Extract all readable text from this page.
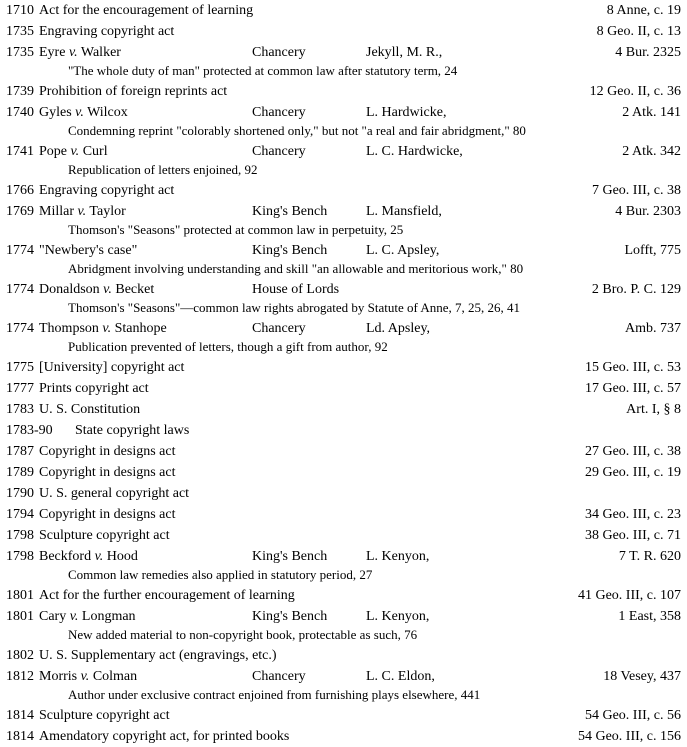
1710 Act for the encouragement of learning	8 Anne, c. 19
1735 Engraving copyright act	8 Geo. II, c. 13
1735 Eyre v. Walker	Chancery	Jekyll, M. R.,	4 Bur. 2325
"The whole duty of man" protected at common law after statutory term, 24
1739 Prohibition of foreign reprints act	12 Geo. II, c. 36
1740 Gyles v. Wilcox	Chancery	L. Hardwicke,	2 Atk. 141
Condemning reprint "colorably shortened only," but not "a real and fair abridgment," 80
1741 Pope v. Curl	Chancery	L. C. Hardwicke,	2 Atk. 342
Republication of letters enjoined, 92
1766 Engraving copyright act	7 Geo. III, c. 38
1769 Millar v. Taylor	King's Bench	L. Mansfield,	4 Bur. 2303
Thomson's "Seasons" protected at common law in perpetuity, 25
1774 "Newbery's case"	King's Bench	L. C. Apsley,	Lofft, 775
Abridgment involving understanding and skill "an allowable and meritorious work," 80
1774 Donaldson v. Becket	House of Lords	2 Bro. P. C. 129
Thomson's "Seasons"—common law rights abrogated by Statute of Anne, 7, 25, 26, 41
1774 Thompson v. Stanhope	Chancery	Ld. Apsley,	Amb. 737
Publication prevented of letters, though a gift from author, 92
1775 [University] copyright act	15 Geo. III, c. 53
1777 Prints copyright act	17 Geo. III, c. 57
1783 U. S. Constitution	Art. I, § 8
1783-90 State copyright laws
1787 Copyright in designs act	27 Geo. III, c. 38
1789 Copyright in designs act	29 Geo. III, c. 19
1790 U. S. general copyright act
1794 Copyright in designs act	34 Geo. III, c. 23
1798 Sculpture copyright act	38 Geo. III, c. 71
1798 Beckford v. Hood	King's Bench	L. Kenyon,	7 T. R. 620
Common law remedies also applied in statutory period, 27
1801 Act for the further encouragement of learning	41 Geo. III, c. 107
1801 Cary v. Longman	King's Bench	L. Kenyon,	1 East, 358
New added material to non-copyright book, protectable as such, 76
1802 U. S. Supplementary act (engravings, etc.)
1812 Morris v. Colman	Chancery	L. C. Eldon,	18 Vesey, 437
Author under exclusive contract enjoined from furnishing plays elsewhere, 441
1814 Sculpture copyright act	54 Geo. III, c. 56
1814 Amendatory copyright act, for printed books	54 Geo. III, c. 156
